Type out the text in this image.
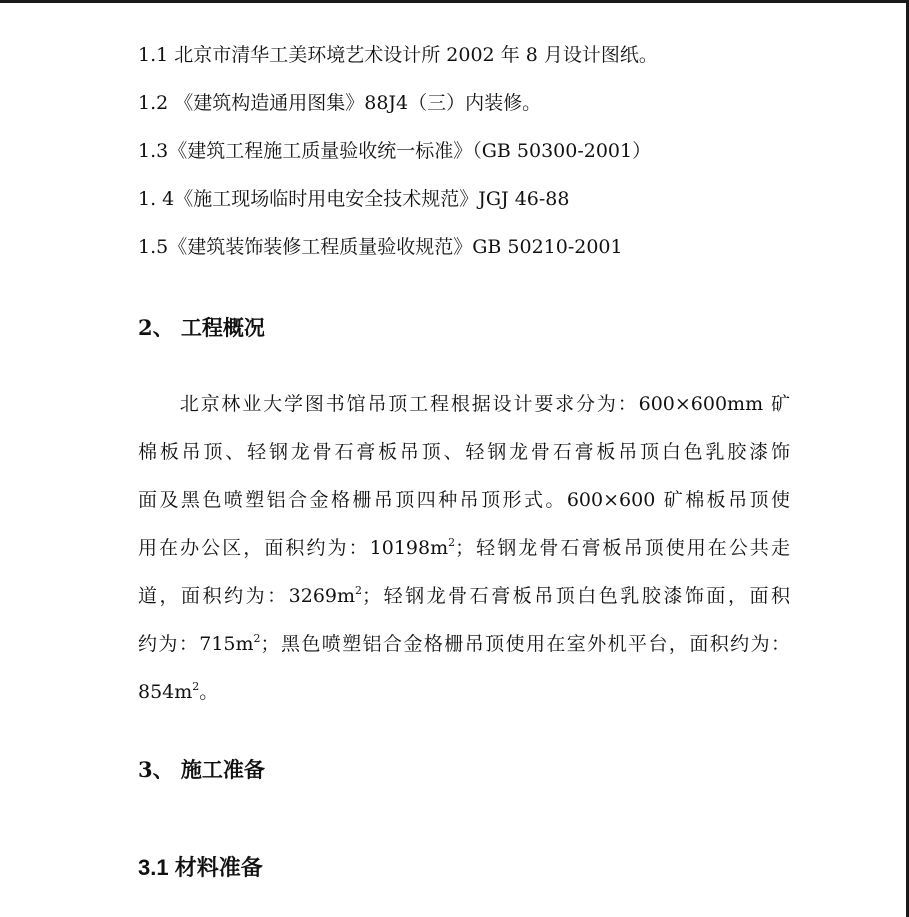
1.1 北京市清华工美环境艺术设计所 2002 年 8 月设计图纸。
1.2 《建筑构造通用图集》88J4（三）内装修。
1.3《建筑工程施工质量验收统一标准》（GB 50300-2001）
1. 4《施工现场临时用电安全技术规范》JGJ 46-88
1.5《建筑装饰装修工程质量验收规范》GB 50210-2001
2、 工程概况
　　北京林业大学图书馆吊顶工程根据设计要求分为：600×600mm 矿
棉板吊顶、轻钢龙骨石膏板吊顶、轻钢龙骨石膏板吊顶白色乳胶漆饰
面及黑色喷塑铝合金格栅吊顶四种吊顶形式。600×600 矿棉板吊顶使
用在办公区，面积约为：$10198m^2$；轻钢龙骨石膏板吊顶使用在公共走
道，面积约为：$3269m^2$；轻钢龙骨石膏板吊顶白色乳胶漆饰面，面积
约为：$715m^2$；黑色喷塑铝合金格栅吊顶使用在室外机平台，面积约为：
$854m^2$。
3、 施工准备
3.1 材料准备
